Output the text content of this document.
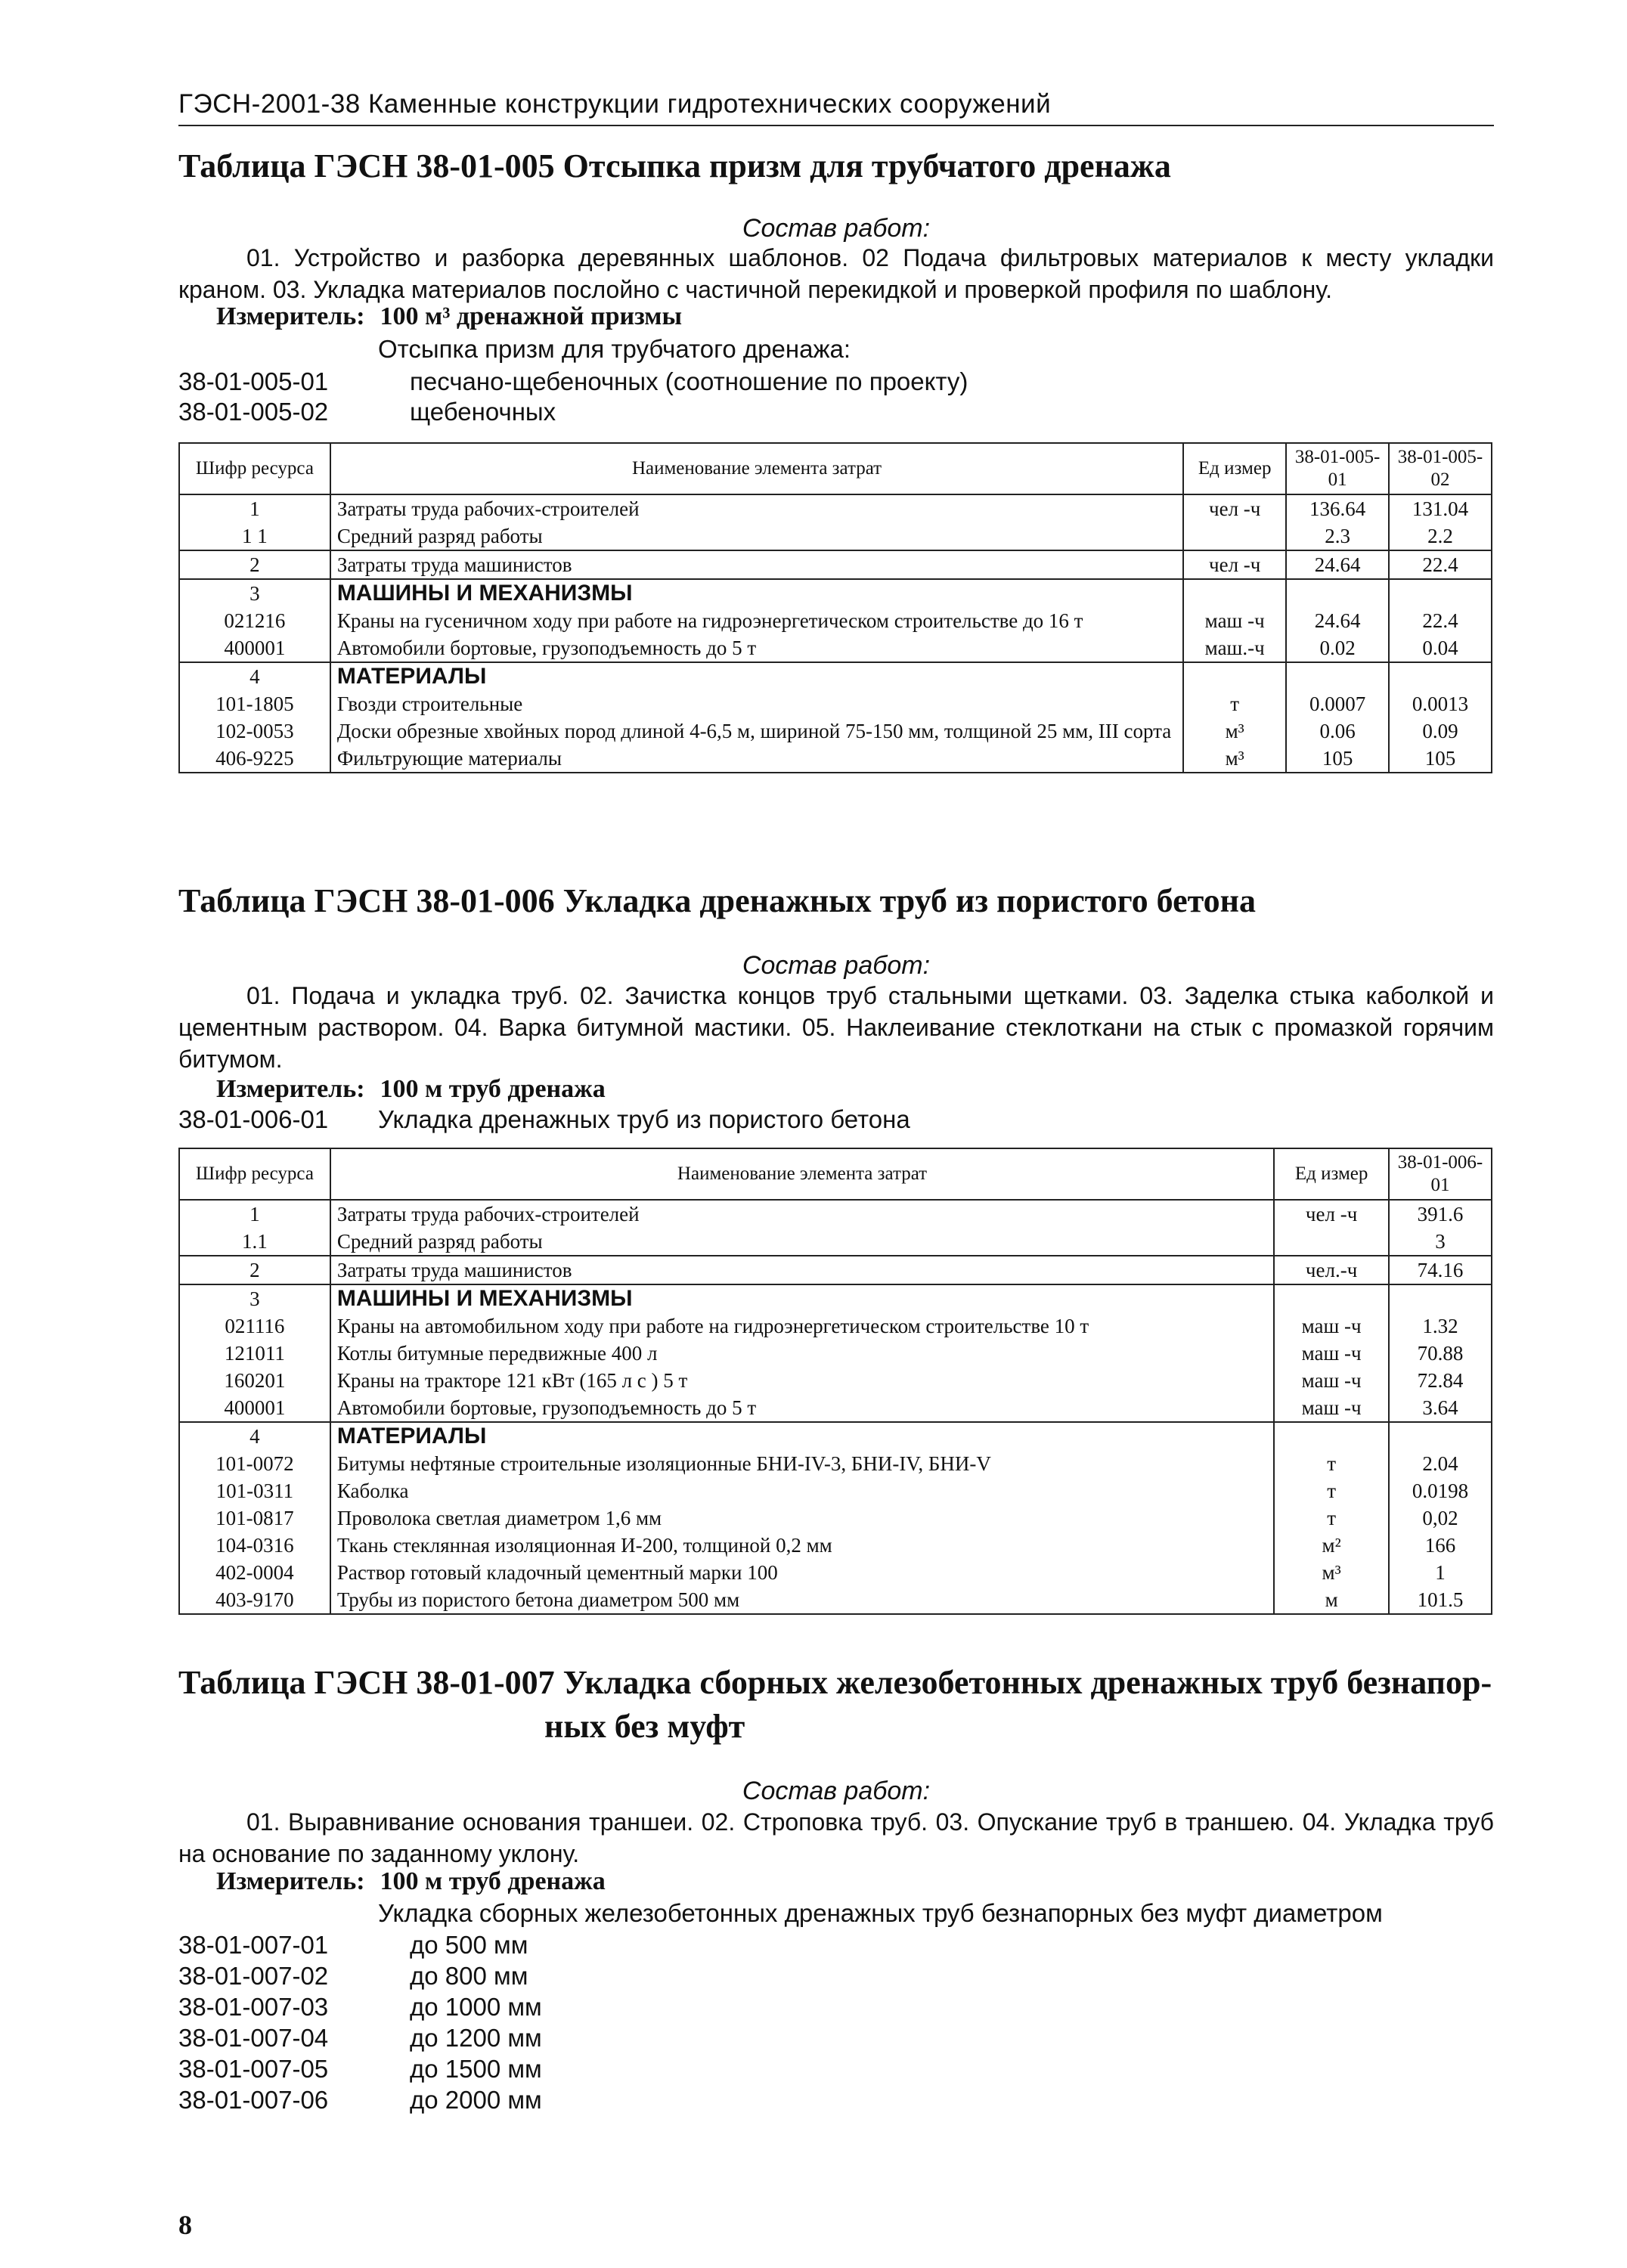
ГЭСН-2001-38 Каменные конструкции гидротехнических сооружений
Таблица ГЭСН 38-01-005 Отсыпка призм для трубчатого дренажа
Состав работ:
01. Устройство и разборка деревянных шаблонов. 02 Подача фильтровых материалов к месту укладки краном. 03. Укладка материалов послойно с частичной перекидкой и проверкой профиля по шаблону.
Измеритель: 100 м³ дренажной призмы
Отсыпка призм для трубчатого дренажа:
38-01-005-01	песчано-щебеночных (соотношение по проекту)
38-01-005-02	щебеночных
Шифр ресурса	Наименование элемента затрат	Ед измер	38-01-005-01	38-01-005-02
1	Затраты труда рабочих-строителей	чел -ч	136.64	131.04
1 1	Средний разряд работы		2.3	2.2
2	Затраты труда машинистов	чел -ч	24.64	22.4
3	МАШИНЫ И МЕХАНИЗМЫ			
021216	Краны на гусеничном ходу при работе на гидроэнергетическом строительстве до 16 т	маш -ч	24.64	22.4
400001	Автомобили бортовые, грузоподъемность до 5 т	маш.-ч	0.02	0.04
4	МАТЕРИАЛЫ			
101-1805	Гвозди строительные	т	0.0007	0.0013
102-0053	Доски обрезные хвойных пород длиной 4-6,5 м, шириной 75-150 мм, толщиной 25 мм, III сорта	м³	0.06	0.09
406-9225	Фильтрующие материалы	м³	105	105
Таблица ГЭСН 38-01-006 Укладка дренажных труб из пористого бетона
Состав работ:
01. Подача и укладка труб. 02. Зачистка концов труб стальными щетками. 03. Заделка стыка каболкой и цементным раствором. 04. Варка битумной мастики. 05. Наклеивание стеклоткани на стык с промазкой горячим битумом.
Измеритель: 100 м труб дренажа
38-01-006-01 Укладка дренажных труб из пористого бетона
Шифр ресурса	Наименование элемента затрат	Ед измер	38-01-006-01
1	Затраты труда рабочих-строителей	чел -ч	391.6
1.1	Средний разряд работы		3
2	Затраты труда машинистов	чел.-ч	74.16
3	МАШИНЫ И МЕХАНИЗМЫ		
021116	Краны на автомобильном ходу при работе на гидроэнергетическом строительстве 10 т	маш -ч	1.32
121011	Котлы битумные передвижные 400 л	маш -ч	70.88
160201	Краны на тракторе 121 кВт (165 л с ) 5 т	маш -ч	72.84
400001	Автомобили бортовые, грузоподъемность до 5 т	маш -ч	3.64
4	МАТЕРИАЛЫ		
101-0072	Битумы нефтяные строительные изоляционные БНИ-IV-3, БНИ-IV, БНИ-V	т	2.04
101-0311	Каболка	т	0.0198
101-0817	Проволока светлая диаметром 1,6 мм	т	0,02
104-0316	Ткань стеклянная изоляционная И-200, толщиной 0,2 мм	м²	166
402-0004	Раствор готовый кладочный цементный марки 100	м³	1
403-9170	Трубы из пористого бетона диаметром 500 мм	м	101.5
Таблица ГЭСН 38-01-007 Укладка сборных железобетонных дренажных труб безнапор-
ных без муфт
Состав работ:
01. Выравнивание основания траншеи. 02. Строповка труб. 03. Опускание труб в траншею. 04. Укладка труб на основание по заданному уклону.
Измеритель: 100 м труб дренажа
Укладка сборных железобетонных дренажных труб безнапорных без муфт диаметром
38-01-007-01	до 500 мм
38-01-007-02	до 800 мм
38-01-007-03	до 1000 мм
38-01-007-04	до 1200 мм
38-01-007-05	до 1500 мм
38-01-007-06	до 2000 мм
8
